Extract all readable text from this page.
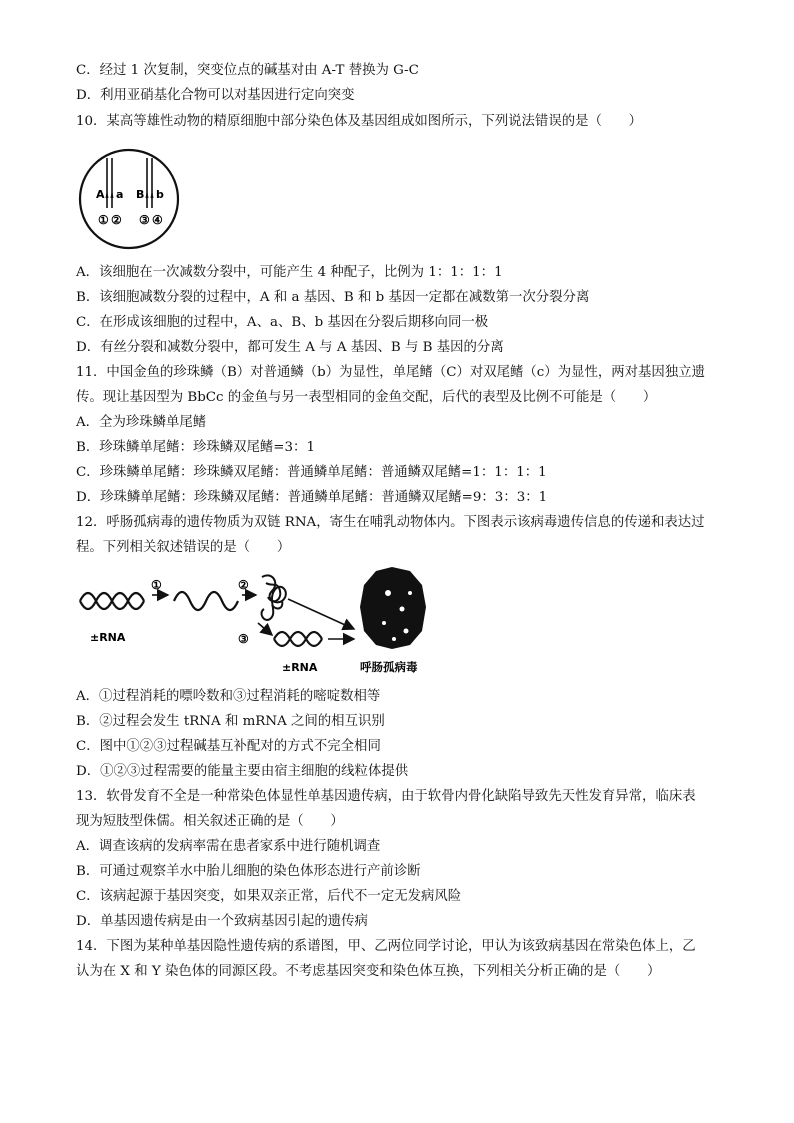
C．经过 1 次复制，突变位点的碱基对由 A-T 替换为 G-C
D．利用亚硝基化合物可以对基因进行定向突变
10．某高等雄性动物的精原细胞中部分染色体及基因组成如图所示，下列说法错误的是（　　）
A a B b
① ② ③ ④
A．该细胞在一次减数分裂中，可能产生 4 种配子，比例为 1：1：1：1
B．该细胞减数分裂的过程中，A 和 a 基因、B 和 b 基因一定都在减数第一次分裂分离
C．在形成该细胞的过程中，A、a、B、b 基因在分裂后期移向同一极
D．有丝分裂和减数分裂中，都可发生 A 与 A 基因、B 与 B 基因的分离
11．中国金鱼的珍珠鳞（B）对普通鳞（b）为显性，单尾鳍（C）对双尾鳍（c）为显性，两对基因独立遗
传。现让基因型为 BbCc 的金鱼与另一表型相同的金鱼交配，后代的表型及比例不可能是（　　）
A．全为珍珠鳞单尾鳍
B．珍珠鳞单尾鳍：珍珠鳞双尾鳍=3：1
C．珍珠鳞单尾鳍：珍珠鳞双尾鳍：普通鳞单尾鳍：普通鳞双尾鳍=1：1：1：1
D．珍珠鳞单尾鳍：珍珠鳞双尾鳍：普通鳞单尾鳍：普通鳞双尾鳍=9：3：3：1
12．呼肠孤病毒的遗传物质为双链 RNA，寄生在哺乳动物体内。下图表示该病毒遗传信息的传递和表达过
程。下列相关叙述错误的是（　　）
±RNA
①	②
③
±RNA	呼肠孤病毒
A．①过程消耗的嘌呤数和③过程消耗的嘧啶数相等
B．②过程会发生 tRNA 和 mRNA 之间的相互识别
C．图中①②③过程碱基互补配对的方式不完全相同
D．①②③过程需要的能量主要由宿主细胞的线粒体提供
13．软骨发育不全是一种常染色体显性单基因遗传病，由于软骨内骨化缺陷导致先天性发育异常，临床表
现为短肢型侏儒。相关叙述正确的是（　　）
A．调查该病的发病率需在患者家系中进行随机调查
B．可通过观察羊水中胎儿细胞的染色体形态进行产前诊断
C．该病起源于基因突变，如果双亲正常，后代不一定无发病风险
D．单基因遗传病是由一个致病基因引起的遗传病
14．下图为某种单基因隐性遗传病的系谱图，甲、乙两位同学讨论，甲认为该致病基因在常染色体上，乙
认为在 X 和 Y 染色体的同源区段。不考虑基因突变和染色体互换，下列相关分析正确的是（　　）
